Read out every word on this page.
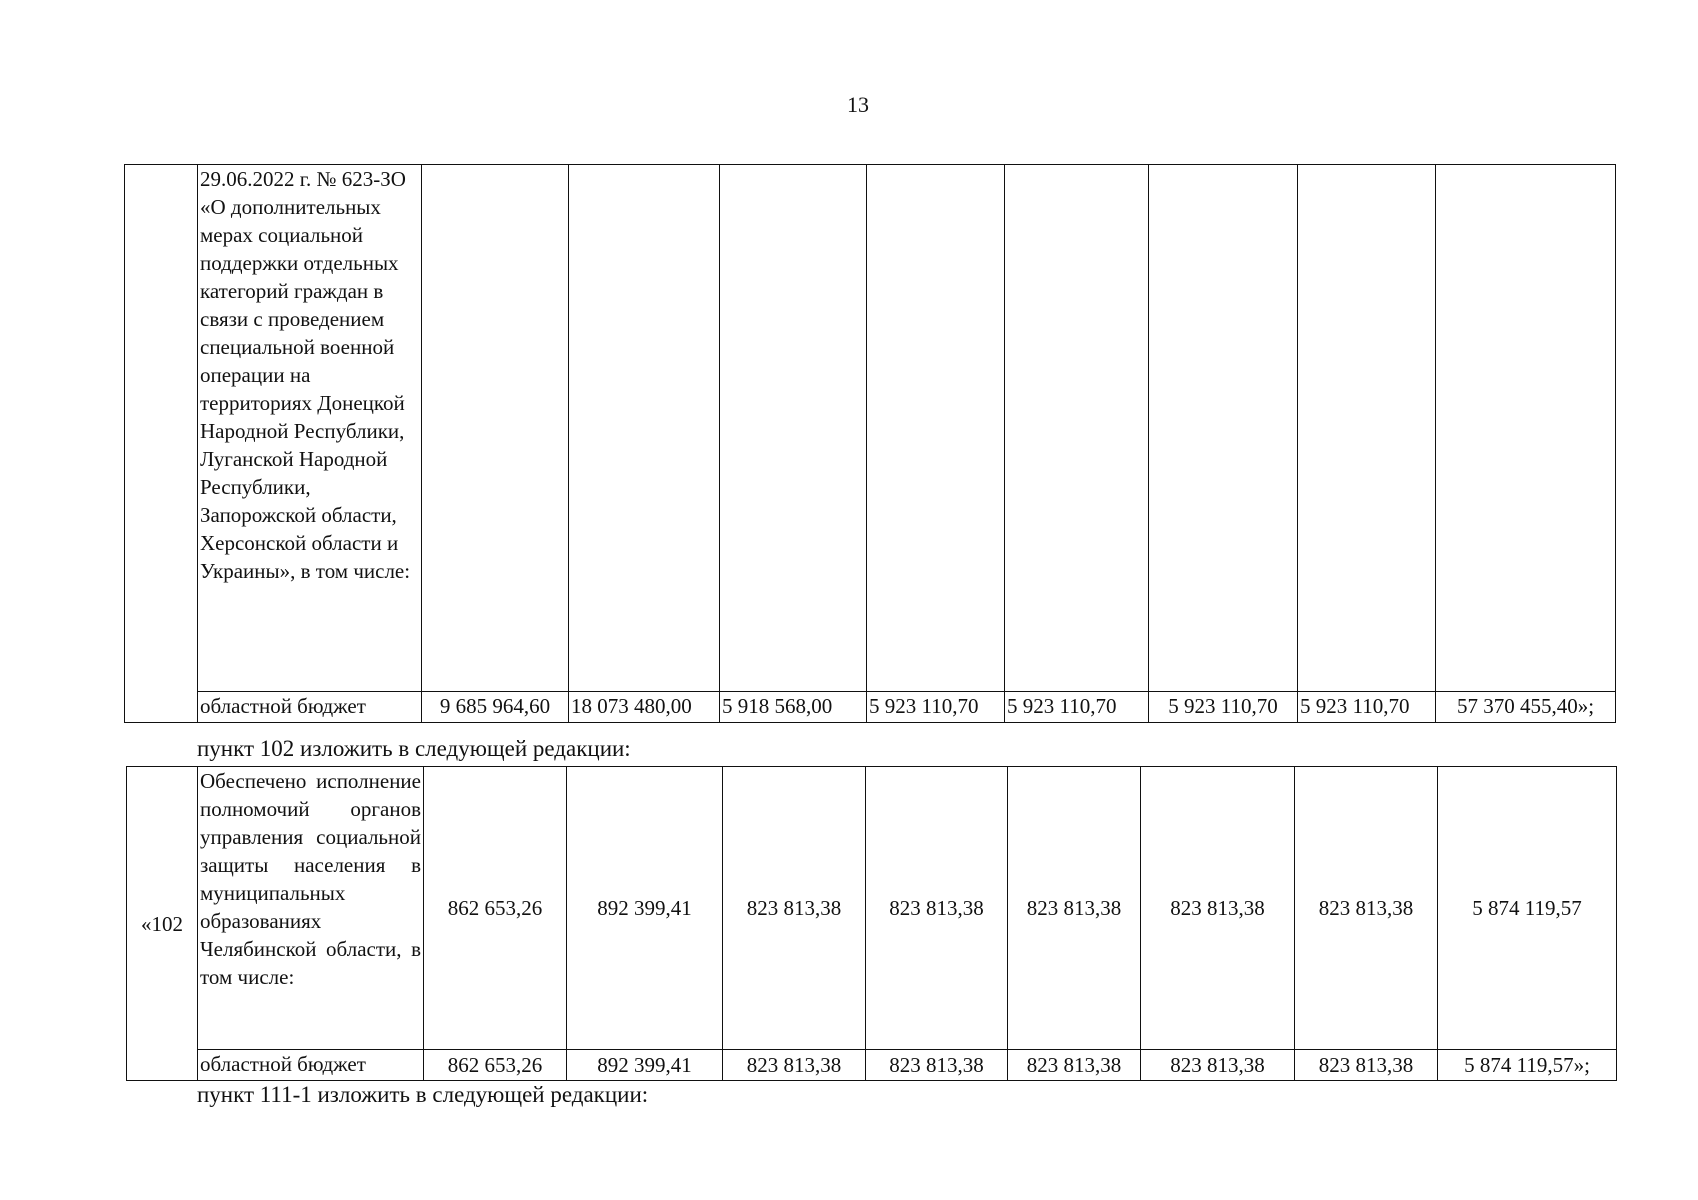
13
	29.06.2022 г. № 623-ЗО «О дополнительных мерах социальной поддержки отдельных категорий граждан в связи с проведением специальной военной операции на территориях Донецкой Народной Республики, Луганской Народной Республики, Запорожской области, Херсонской области и Украины», в том числе:								
	областной бюджет	9 685 964,60	18 073 480,00	5 918 568,00	5 923 110,70	5 923 110,70	5 923 110,70	5 923 110,70	57 370 455,40»;
пункт 102 изложить в следующей редакции:
«102	Обеспечено исполнение полномочий органов управления социальной защиты населения в муниципальных образованиях Челябинской области, в том числе:	862 653,26	892 399,41	823 813,38	823 813,38	823 813,38	823 813,38	823 813,38	5 874 119,57
	областной бюджет	862 653,26	892 399,41	823 813,38	823 813,38	823 813,38	823 813,38	823 813,38	5 874 119,57»;
пункт 111-1 изложить в следующей редакции:
